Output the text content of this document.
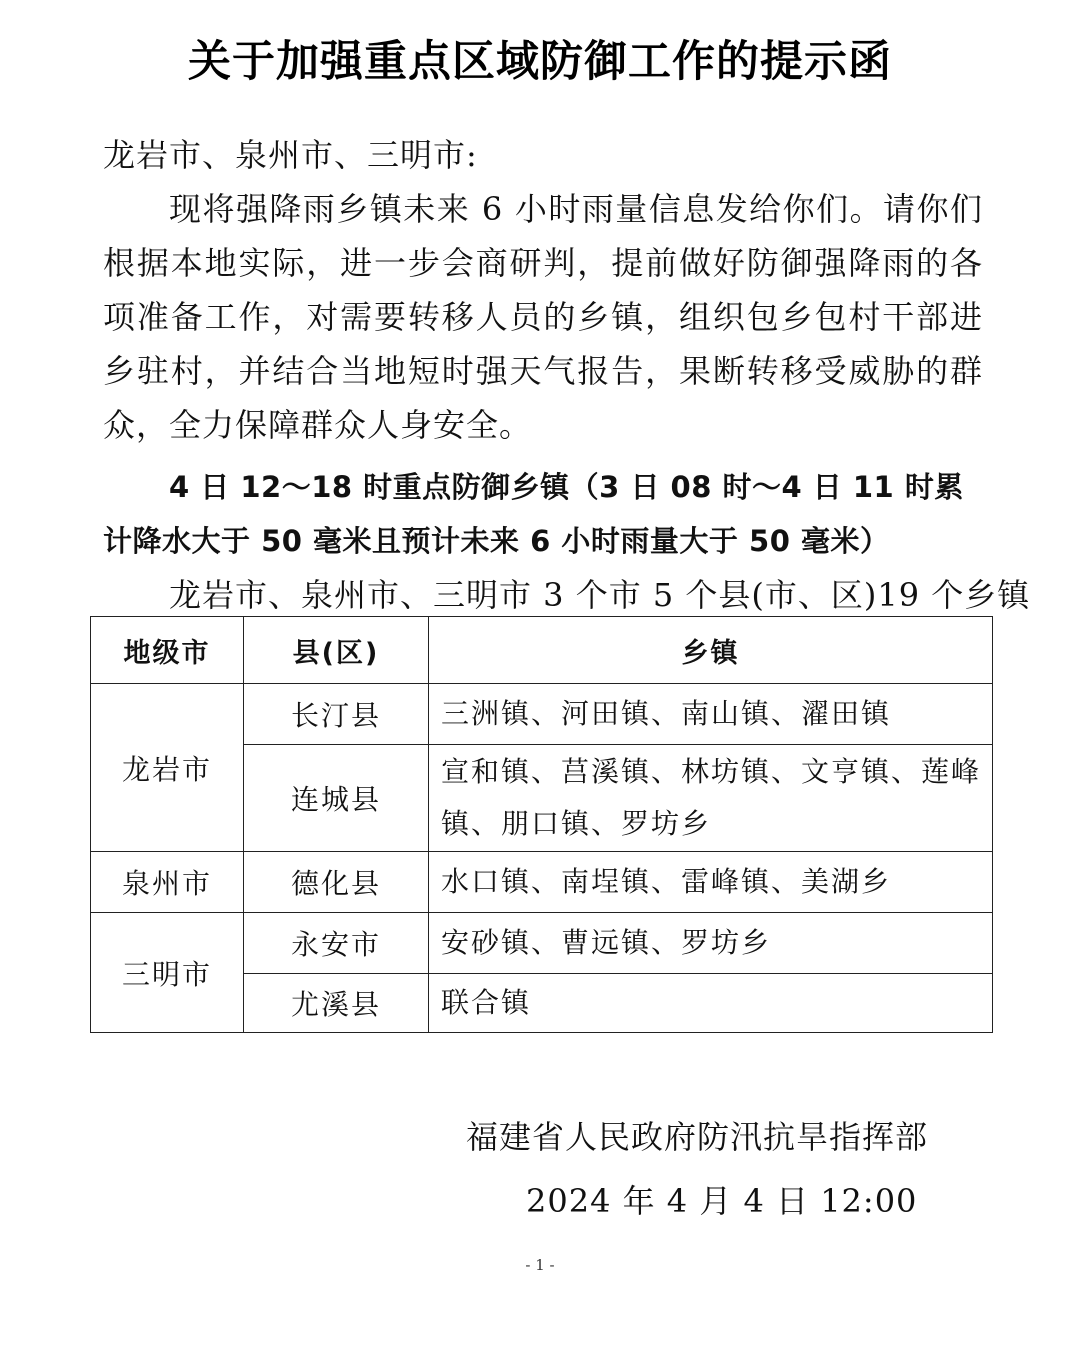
关于加强重点区域防御工作的提示函
龙岩市、泉州市、三明市:
现将强降雨乡镇未来 6 小时雨量信息发给你们。请你们根据本地实际，进一步会商研判，提前做好防御强降雨的各项准备工作，对需要转移人员的乡镇，组织包乡包村干部进乡驻村，并结合当地短时强天气报告，果断转移受威胁的群众，全力保障群众人身安全。
4 日 12～18 时重点防御乡镇（3 日 08 时～4 日 11 时累计降水大于 50 毫米且预计未来 6 小时雨量大于 50 毫米）
龙岩市、泉州市、三明市 3 个市 5 个县(市、区)19 个乡镇
地级市	县(区)	乡镇
龙岩市	长汀县	三洲镇、河田镇、南山镇、濯田镇
	连城县	宣和镇、莒溪镇、林坊镇、文亨镇、莲峰镇、朋口镇、罗坊乡
泉州市	德化县	水口镇、南埕镇、雷峰镇、美湖乡
三明市	永安市	安砂镇、曹远镇、罗坊乡
	尤溪县	联合镇
福建省人民政府防汛抗旱指挥部
2024 年 4 月 4 日 12:00
- 1 -
